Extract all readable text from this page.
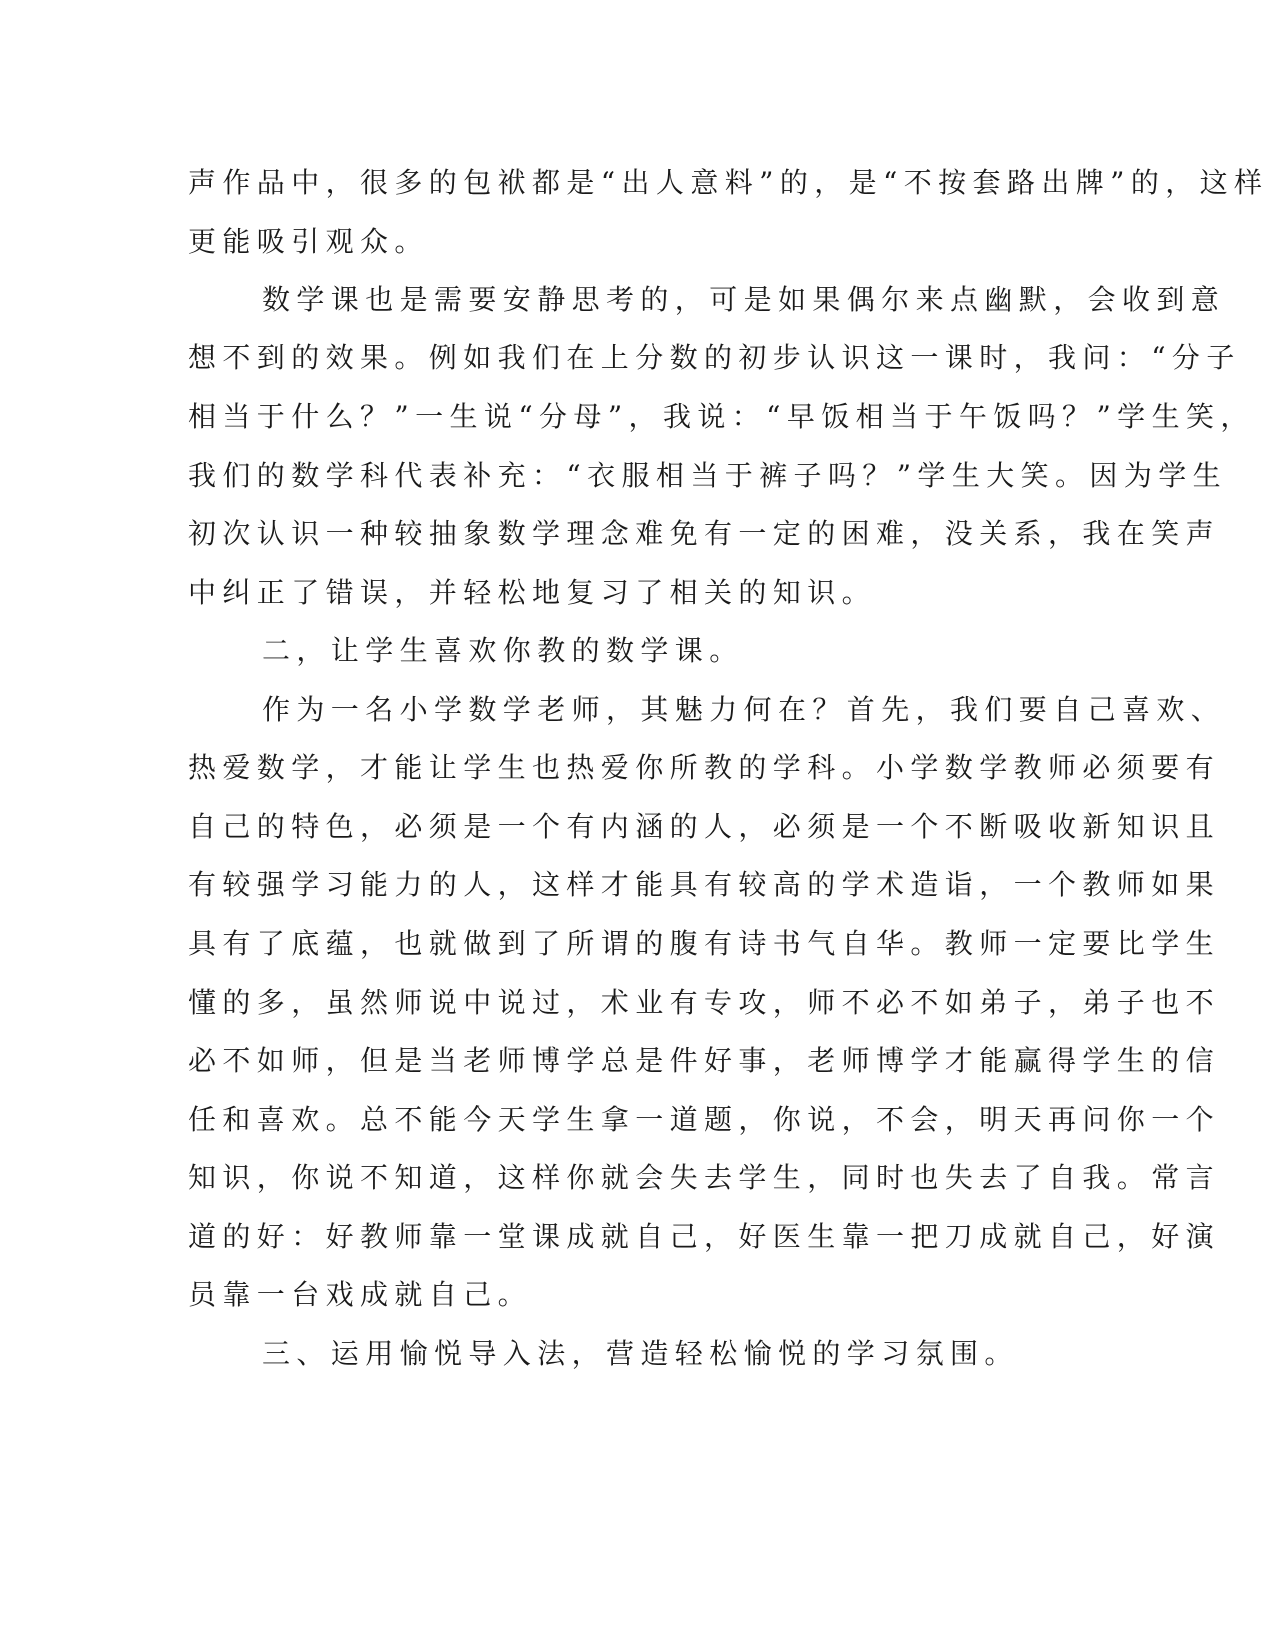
声作品中，很多的包袱都是“出人意料”的，是“不按套路出牌”的，这样

更能吸引观众。

数学课也是需要安静思考的，可是如果偶尔来点幽默，会收到意

想不到的效果。例如我们在上分数的初步认识这一课时，我问：“分子

相当于什么？”一生说“分母”，我说：“早饭相当于午饭吗？”学生笑，

我们的数学科代表补充：“衣服相当于裤子吗？”学生大笑。因为学生

初次认识一种较抽象数学理念难免有一定的困难，没关系，我在笑声

中纠正了错误，并轻松地复习了相关的知识。

二，让学生喜欢你教的数学课。

作为一名小学数学老师，其魅力何在？首先，我们要自己喜欢、

热爱数学，才能让学生也热爱你所教的学科。小学数学教师必须要有

自己的特色，必须是一个有内涵的人，必须是一个不断吸收新知识且

有较强学习能力的人，这样才能具有较高的学术造诣，一个教师如果

具有了底蕴，也就做到了所谓的腹有诗书气自华。教师一定要比学生

懂的多，虽然师说中说过，术业有专攻，师不必不如弟子，弟子也不

必不如师，但是当老师博学总是件好事，老师博学才能赢得学生的信

任和喜欢。总不能今天学生拿一道题，你说，不会，明天再问你一个

知识，你说不知道，这样你就会失去学生，同时也失去了自我。常言

道的好：好教师靠一堂课成就自己，好医生靠一把刀成就自己，好演

员靠一台戏成就自己。

三、运用愉悦导入法，营造轻松愉悦的学习氛围。
